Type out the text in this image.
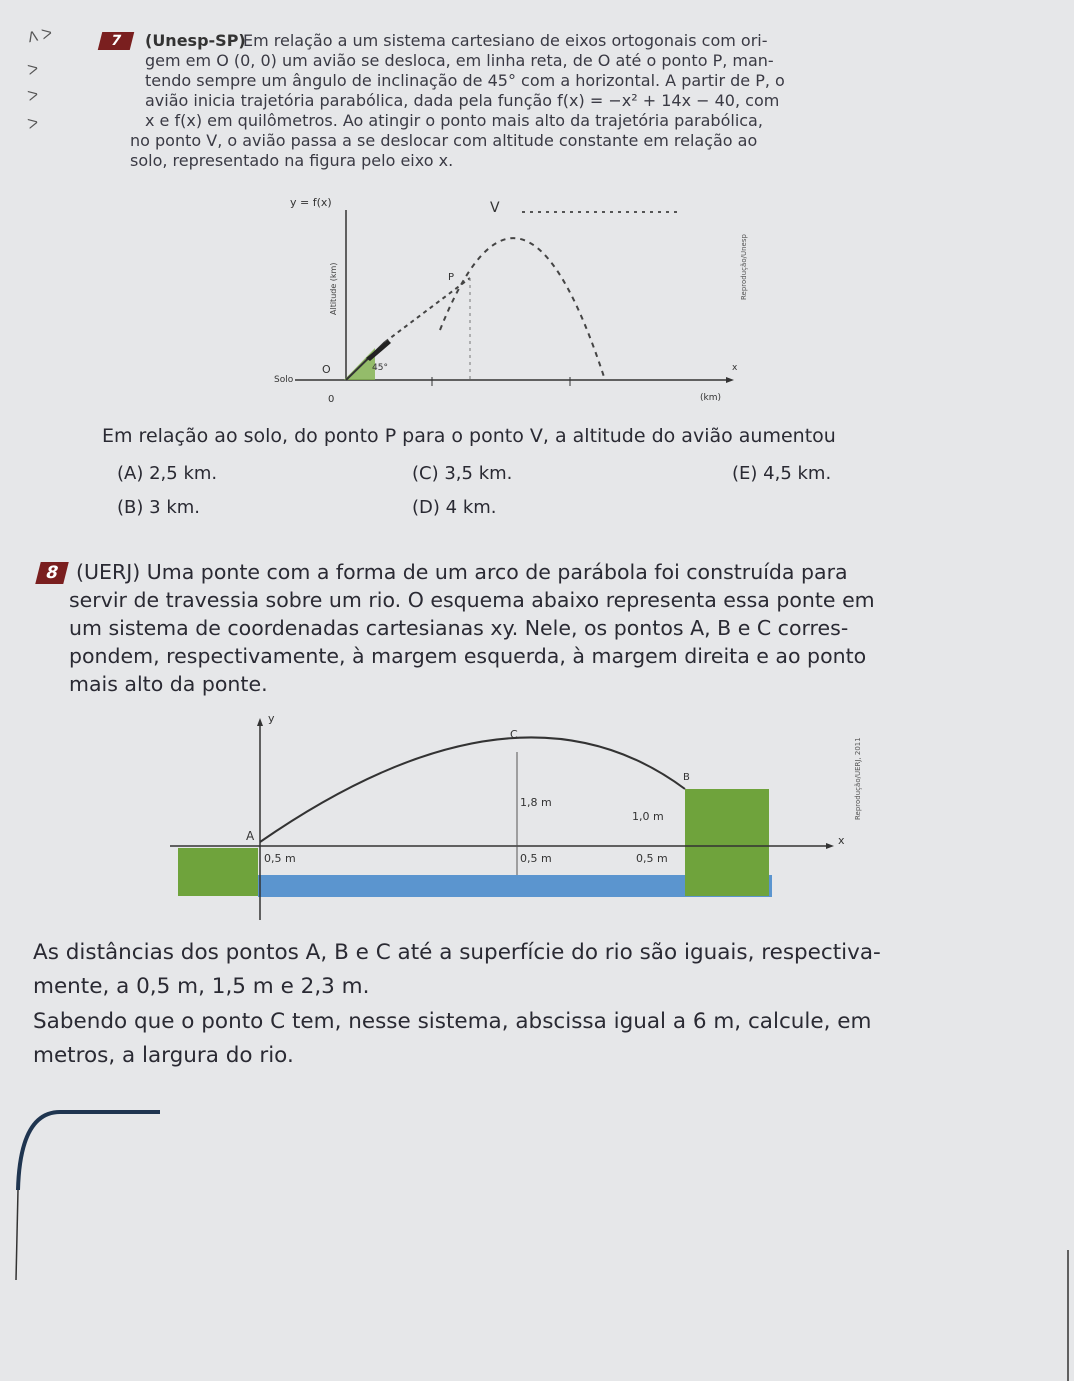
ᐱ ᐳ
ᐳ
ᐳ
ᐳ
7	(Unesp-SP)
Em relação a um sistema cartesiano de eixos ortogonais com ori-
gem em O (0, 0) um avião se desloca, em linha reta, de O até o ponto P, man-
tendo sempre um ângulo de inclinação de 45° com a horizontal. A partir de P, o
avião inicia trajetória parabólica, dada pela função f(x) = −x² + 14x − 40, com
x e f(x) em quilômetros. Ao atingir o ponto mais alto da trajetória parabólica,
no ponto V, o avião passa a se deslocar com altitude constante em relação ao
solo, representado na figura pelo eixo x.
y = f(x)	V
P
O	45°
Solo
0
x
(km)
Altitude (km)	Reprodução/Unesp
Em relação ao solo, do ponto P para o ponto V, a altitude do avião aumentou
(A) 2,5 km.
(B) 3 km.
(C) 3,5 km.
(D) 4 km.
(E) 4,5 km.
8 (UERJ) Uma ponte com a forma de um arco de parábola foi construída para
servir de travessia sobre um rio. O esquema abaixo representa essa ponte em
um sistema de coordenadas cartesianas xy. Nele, os pontos A, B e C corres-
pondem, respectivamente, à margem esquerda, à margem direita e ao ponto
mais alto da ponte.
y
x
A
C
B
1,8 m
1,0 m
0,5 m	0,5 m	0,5 m
Reprodução/UERJ, 2011
As distâncias dos pontos A, B e C até a superfície do rio são iguais, respectiva-
mente, a 0,5 m, 1,5 m e 2,3 m.
Sabendo que o ponto C tem, nesse sistema, abscissa igual a 6 m, calcule, em
metros, a largura do rio.
